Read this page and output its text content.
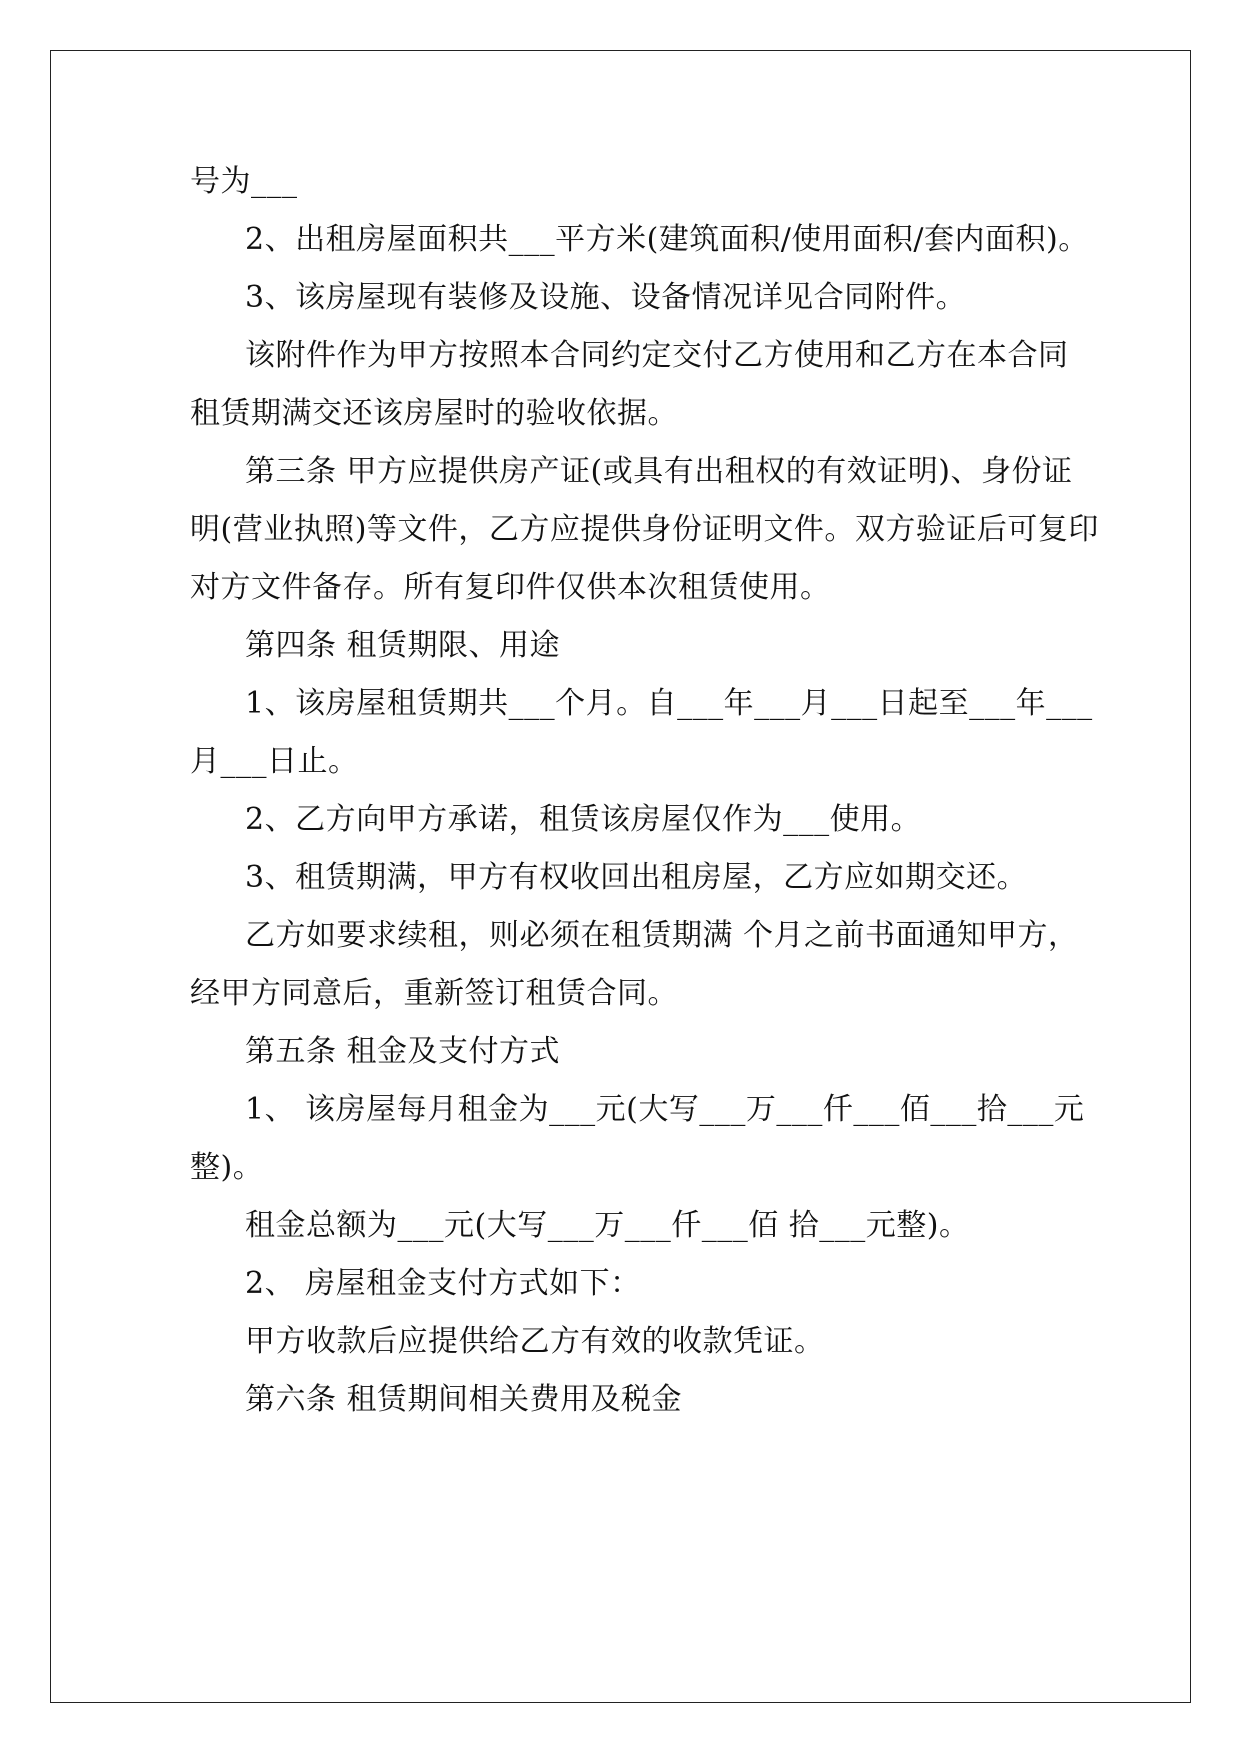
号为___
2、出租房屋面积共___平方米(建筑面积/使用面积/套内面积)。
3、该房屋现有装修及设施、设备情况详见合同附件。
该附件作为甲方按照本合同约定交付乙方使用和乙方在本合同
租赁期满交还该房屋时的验收依据。
第三条 甲方应提供房产证(或具有出租权的有效证明)、身份证
明(营业执照)等文件，乙方应提供身份证明文件。双方验证后可复印
对方文件备存。所有复印件仅供本次租赁使用。
第四条 租赁期限、用途
1、该房屋租赁期共___个月。自___年___月___日起至___年___
月___日止。
2、乙方向甲方承诺，租赁该房屋仅作为___使用。
3、租赁期满，甲方有权收回出租房屋，乙方应如期交还。
乙方如要求续租，则必须在租赁期满 个月之前书面通知甲方，
经甲方同意后，重新签订租赁合同。
第五条 租金及支付方式
1、 该房屋每月租金为___元(大写___万___仟___佰___拾___元
整)。
租金总额为___元(大写___万___仟___佰 拾___元整)。
2、 房屋租金支付方式如下：
甲方收款后应提供给乙方有效的收款凭证。
第六条 租赁期间相关费用及税金
